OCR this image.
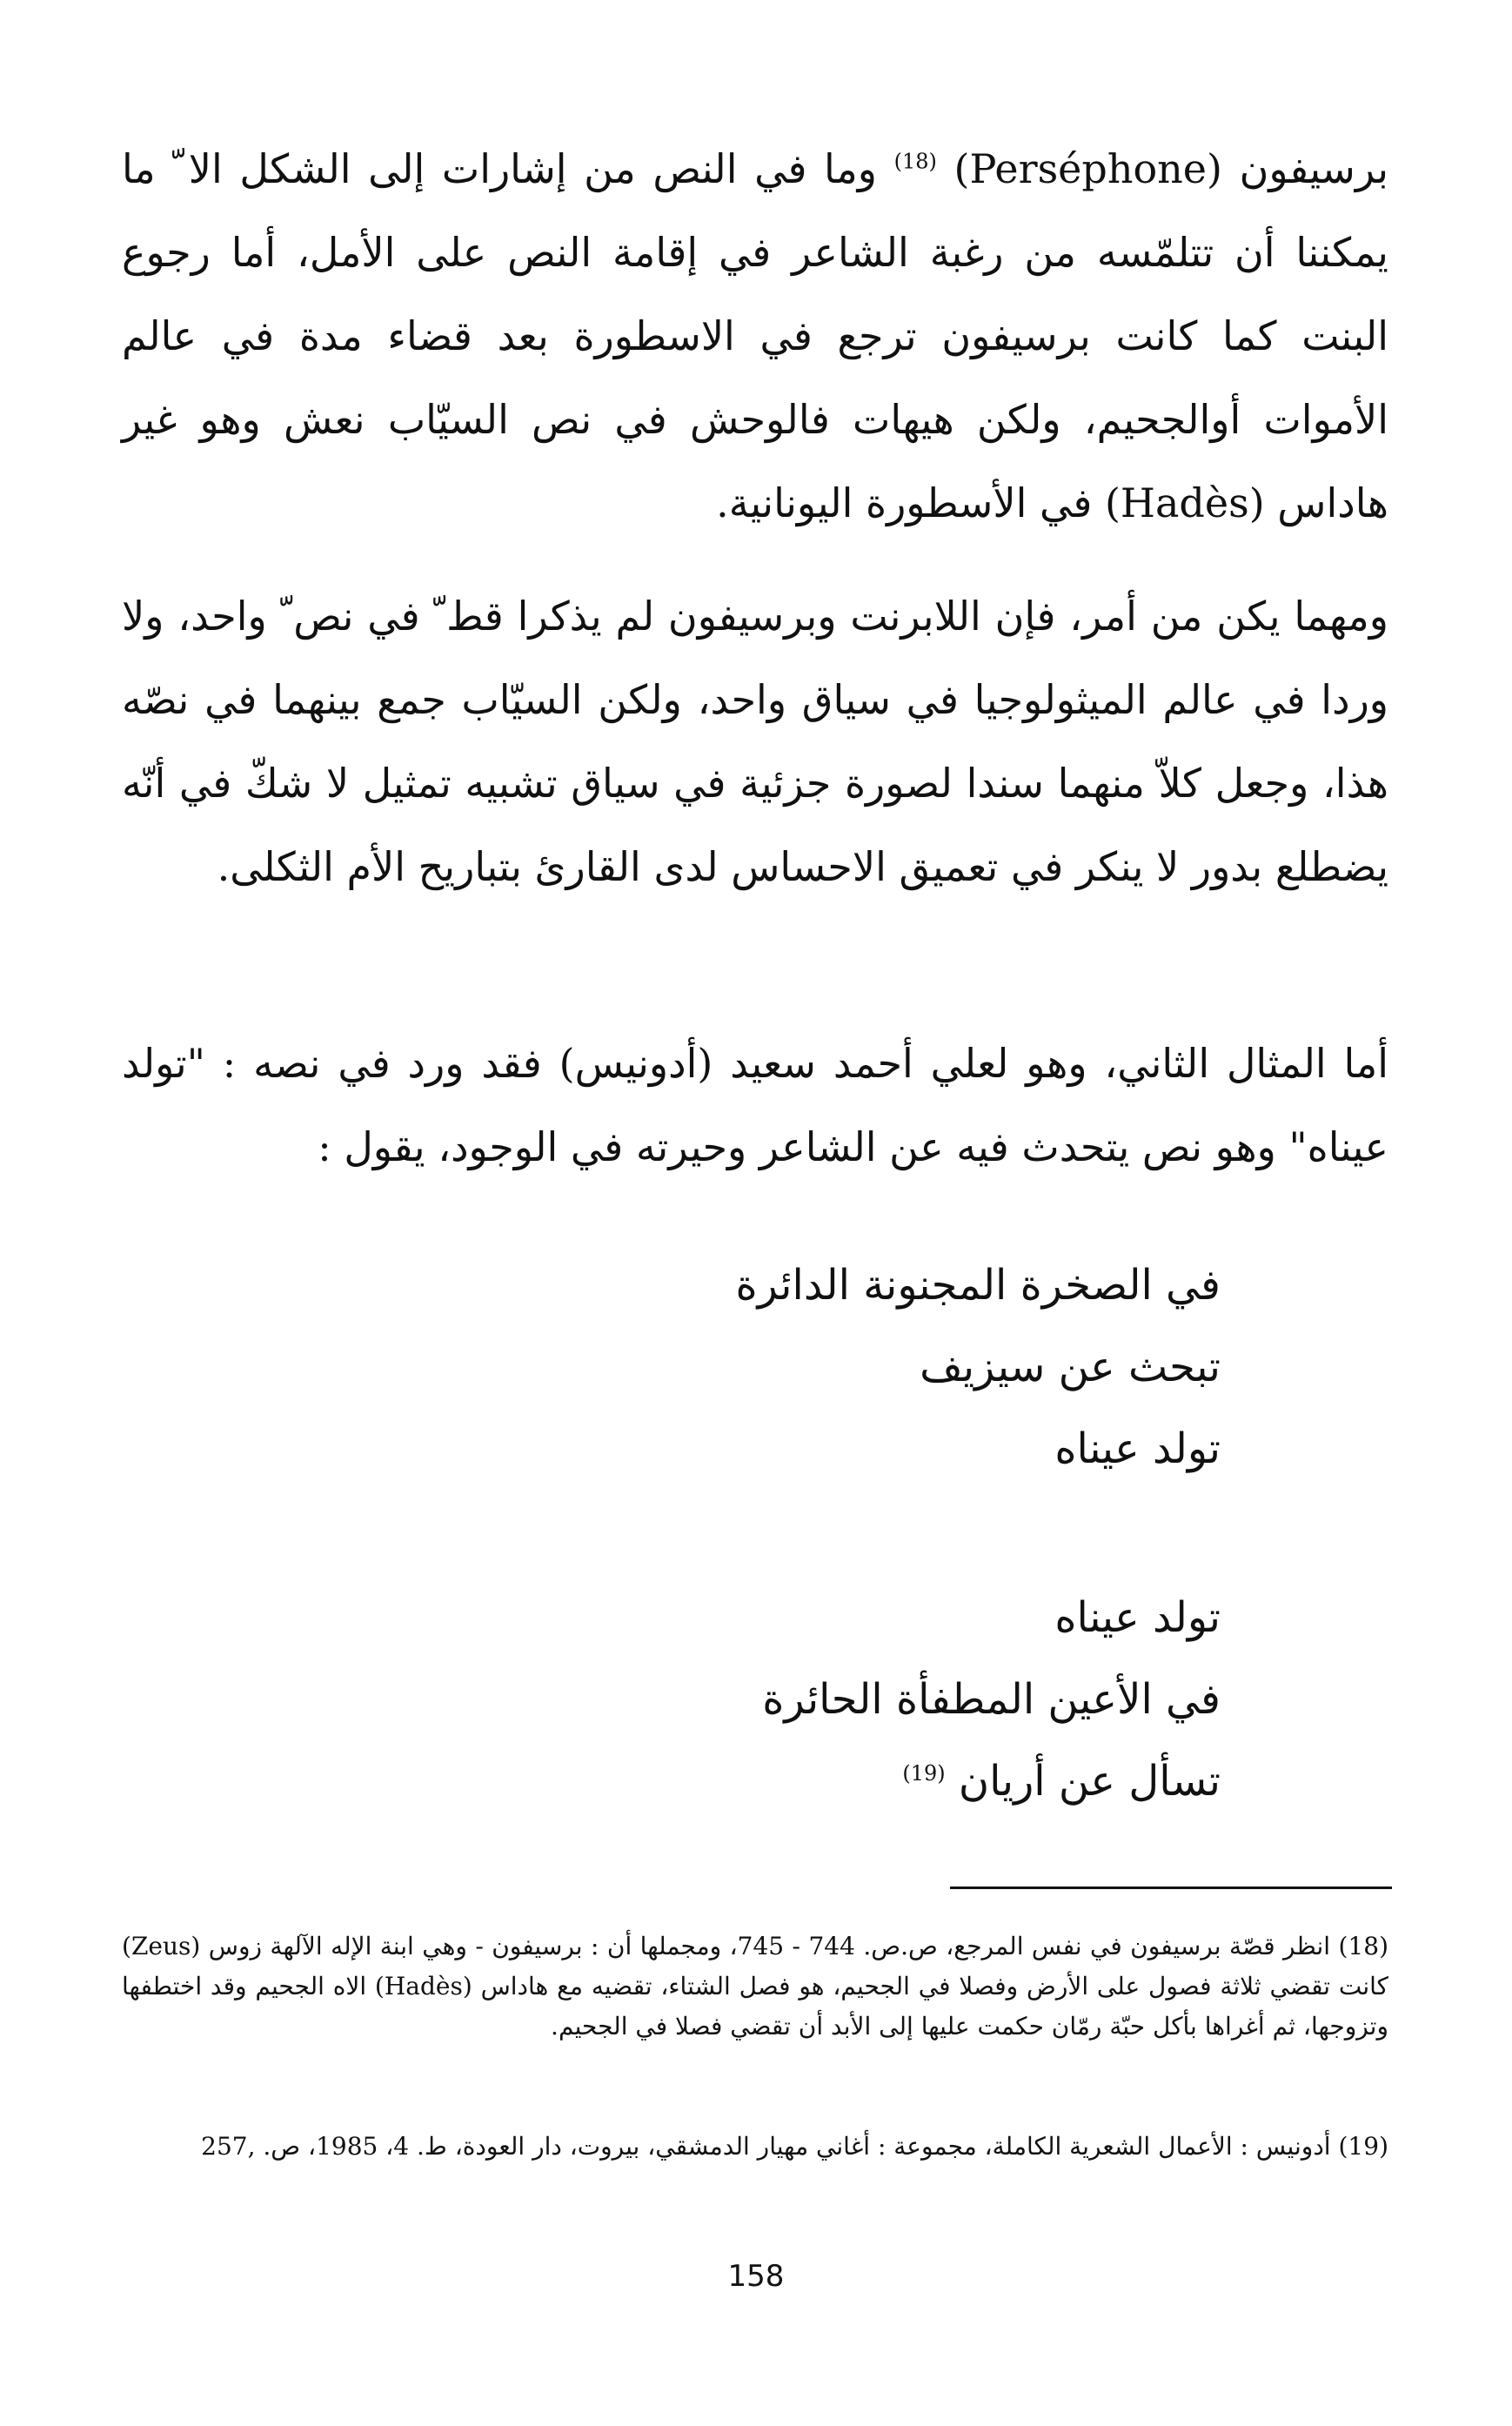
برسيفون (Perséphone) $^{(18)}$ وما في النص من إشارات إلى الشكل الا ّ ما يمكننا أن تتلمّسه من رغبة الشاعر في إقامة النص على الأمل، أما رجوع البنت كما كانت برسيفون ترجع في الاسطورة بعد قضاء مدة في عالم الأموات أوالجحيم، ولكن هيهات فالوحش في نص السيّاب نعش وهو غير هاداس (Hadès) في الأسطورة اليونانية.

ومهما يكن من أمر، فإن اللابرنت وبرسيفون لم يذكرا قط ّ في نص ّ واحد، ولا وردا في عالم الميثولوجيا في سياق واحد، ولكن السيّاب جمع بينهما في نصّه هذا، وجعل كلاّ منهما سندا لصورة جزئية في سياق تشبيه تمثيل لا شكّ في أنّه يضطلع بدور لا ينكر في تعميق الاحساس لدى القارئ بتباريح الأم الثكلى.

أما المثال الثاني، وهو لعلي أحمد سعيد (أدونيس) فقد ورد في نصه : "تولد عيناه" وهو نص يتحدث فيه عن الشاعر وحيرته في الوجود، يقول :

في الصخرة المجنونة الدائرة
تبحث عن سيزيف
تولد عيناه
تولد عيناه
في الأعين المطفأة الحائرة
تسأل عن أريان $^{(19)}$

(18) انظر قصّة برسيفون في نفس المرجع، ص.ص. 744 - 745، ومجملها أن : برسيفون - وهي ابنة الإله الآلهة زوس (Zeus) كانت تقضي ثلاثة فصول على الأرض وفصلا في الجحيم، هو فصل الشتاء، تقضيه مع هاداس (Hadès) الاه الجحيم وقد اختطفها وتزوجها، ثم أغراها بأكل حبّة رمّان حكمت عليها إلى الأبد أن تقضي فصلا في الجحيم.

(19) أدونيس : الأعمال الشعرية الكاملة، مجموعة : أغاني مهيار الدمشقي، بيروت، دار العودة، ط. 4، 1985، ص. ,257

158
